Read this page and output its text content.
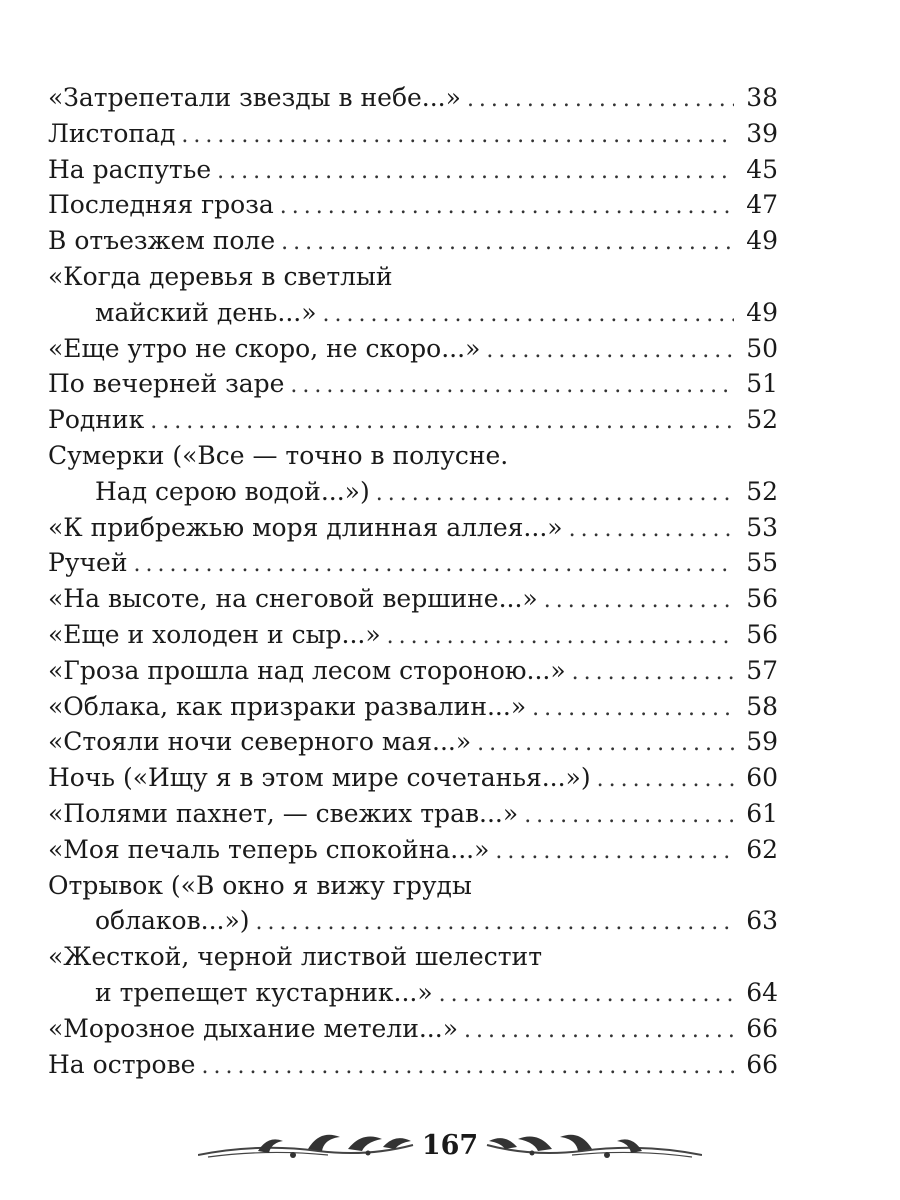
«Затрепетали звезды в небе...» .....	38
Листопад .....	39
На распутье .....	45
Последняя гроза .....	47
В отъезжем поле .....	49
«Когда деревья в светлый
майский день...» .....	49
«Еще утро не скоро, не скоро...» .....	50
По вечерней заре .....	51
Родник .....	52
Сумерки («Все — точно в полусне.
Над серою водой...») .....	52
«К прибрежью моря длинная аллея...» .....	53
Ручей .....	55
«На высоте, на снеговой вершине...» .....	56
«Еще и холоден и сыр...» .....	56
«Гроза прошла над лесом стороною...» .....	57
«Облака, как призраки развалин...» .....	58
«Стояли ночи северного мая...» .....	59
Ночь («Ищу я в этом мире сочетанья...») .....	60
«Полями пахнет, — свежих трав...» .....	61
«Моя печаль теперь спокойна...» .....	62
Отрывок («В окно я вижу груды
облаков...») .....	63
«Жесткой, черной листвой шелестит
и трепещет кустарник...» .....	64
«Морозное дыхание метели...» .....	66
На острове .....	66
167
